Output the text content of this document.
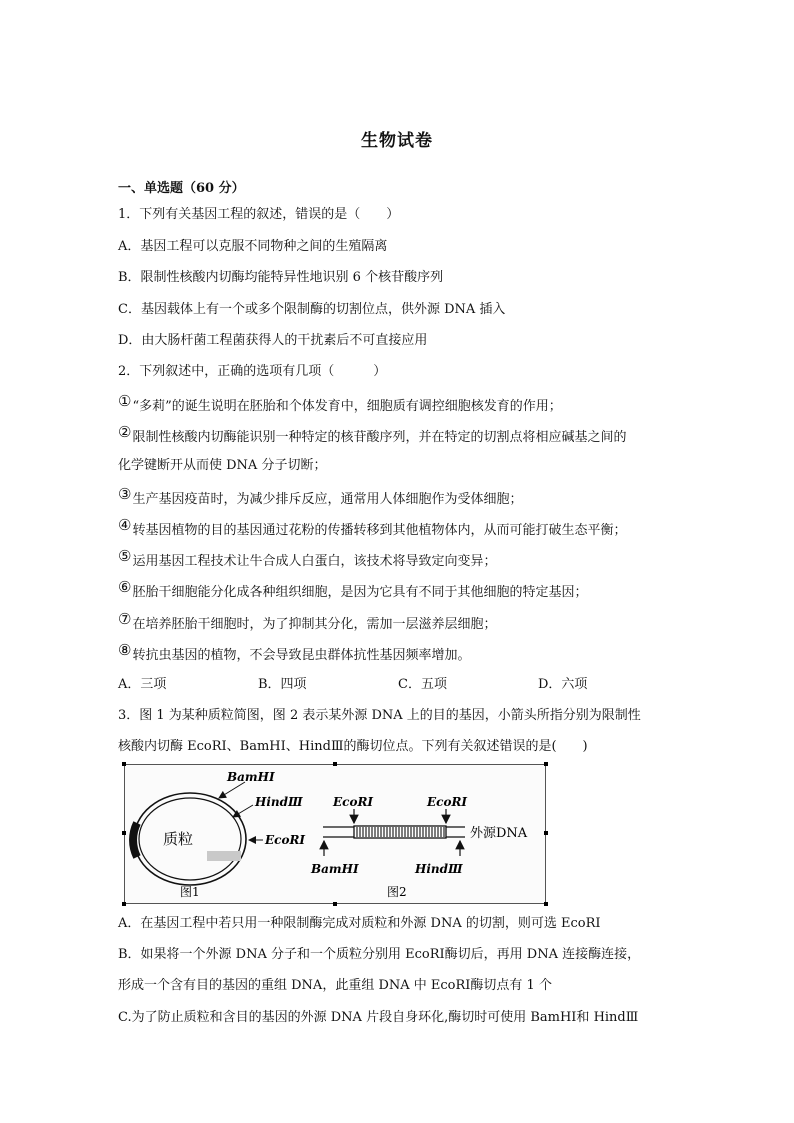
生物试卷
一、单选题（60 分）
1．下列有关基因工程的叙述，错误的是（　　）
A．基因工程可以克服不同物种之间的生殖隔离
B．限制性核酸内切酶均能特异性地识别 6 个核苷酸序列
C．基因载体上有一个或多个限制酶的切割位点，供外源 DNA 插入
D．由大肠杆菌工程菌获得人的干扰素后不可直接应用
2．下列叙述中，正确的选项有几项（　　　）
①“多莉”的诞生说明在胚胎和个体发育中，细胞质有调控细胞核发育的作用；
②限制性核酸内切酶能识别一种特定的核苷酸序列，并在特定的切割点将相应碱基之间的
化学键断开从而使 DNA 分子切断；
③生产基因疫苗时，为减少排斥反应，通常用人体细胞作为受体细胞；
④转基因植物的目的基因通过花粉的传播转移到其他植物体内，从而可能打破生态平衡；
⑤运用基因工程技术让牛合成人白蛋白，该技术将导致定向变异；
⑥胚胎干细胞能分化成各种组织细胞，是因为它具有不同于其他细胞的特定基因；
⑦在培养胚胎干细胞时，为了抑制其分化，需加一层滋养层细胞；
⑧转抗虫基因的植物，不会导致昆虫群体抗性基因频率增加。
A．三项	B．四项	C．五项	D．六项
3．图 1 为某种质粒简图，图 2 表示某外源 DNA 上的目的基因，小箭头所指分别为限制性
核酸内切酶 EcoRⅠ、BamHⅠ、HindⅢ的酶切位点。下列有关叙述错误的是(　　)
质粒
BamHⅠ
HindⅢ
EcoRⅠ
图1
EcoRⅠ	EcoRⅠ
BamHⅠ	HindⅢ
外源DNA
图2
A．在基因工程中若只用一种限制酶完成对质粒和外源 DNA 的切割，则可选 EcoRⅠ
B．如果将一个外源 DNA 分子和一个质粒分别用 EcoRⅠ酶切后，再用 DNA 连接酶连接，
形成一个含有目的基因的重组 DNA，此重组 DNA 中 EcoRⅠ酶切点有 1 个
C.为了防止质粒和含目的基因的外源 DNA 片段自身环化,酶切时可使用 BamHⅠ和 HindⅢ
